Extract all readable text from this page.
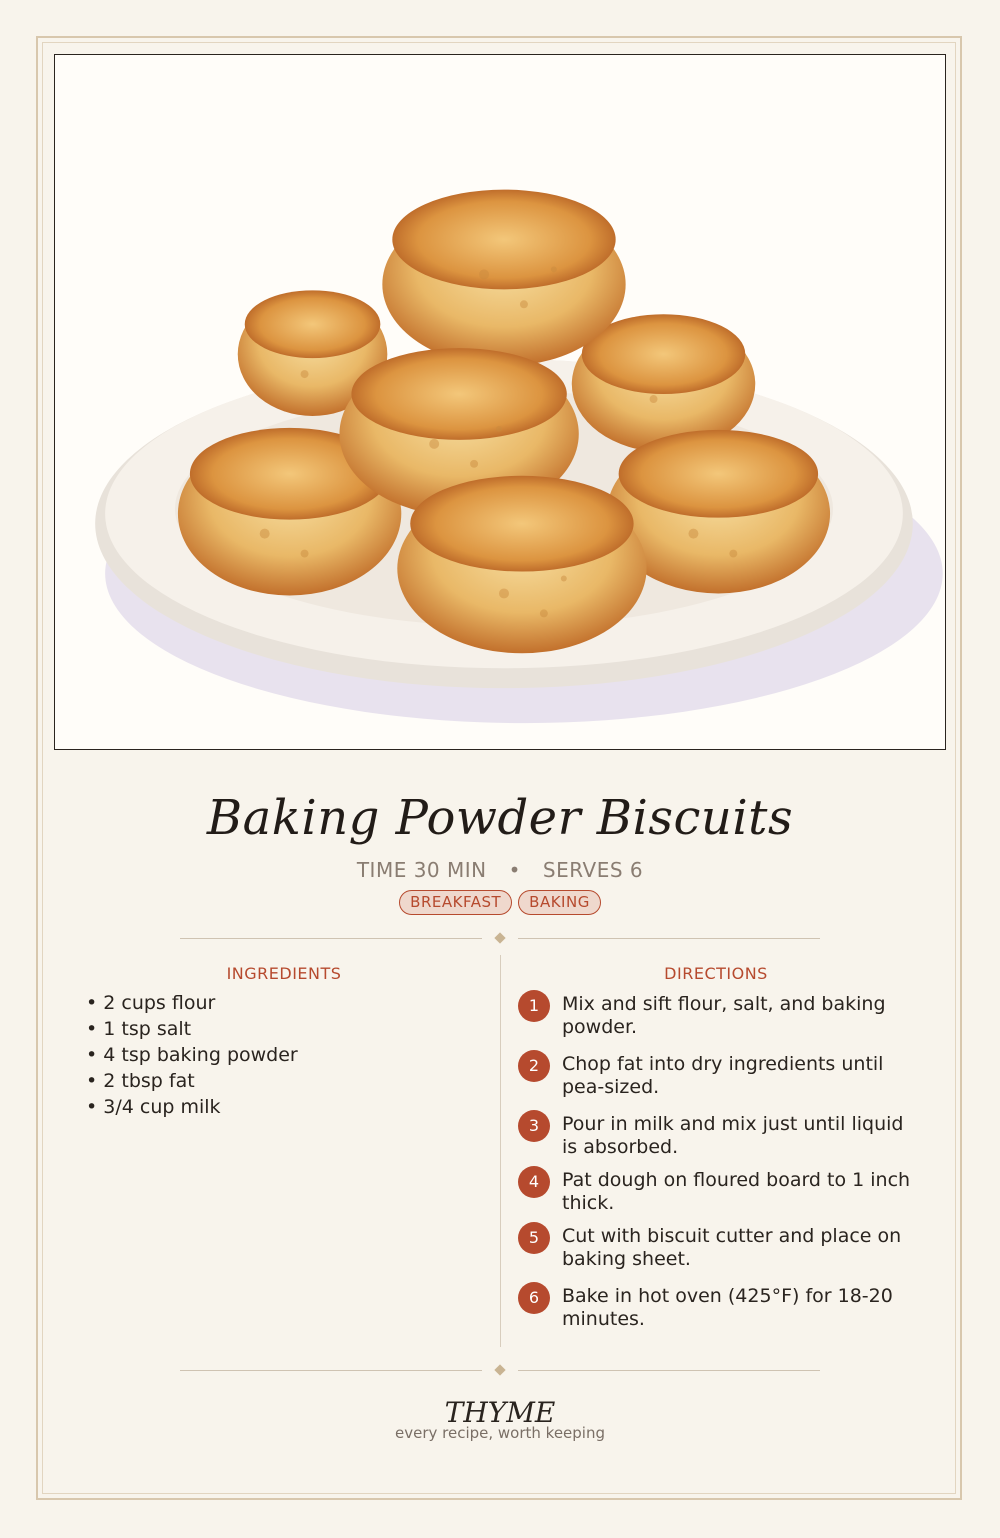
Baking Powder Biscuits
TIME 30 MIN • SERVES 6
BREAKFAST BAKING
INGREDIENTS
• 2 cups flour
• 1 tsp salt
• 4 tsp baking powder
• 2 tbsp fat
• 3/4 cup milk
DIRECTIONS
1	Mix and sift flour, salt, and baking powder.
2	Chop fat into dry ingredients until pea-sized.
3	Pour in milk and mix just until liquid is absorbed.
4	Pat dough on floured board to 1 inch thick.
5	Cut with biscuit cutter and place on baking sheet.
6	Bake in hot oven (425°F) for 18-20 minutes.
THYME
every recipe, worth keeping
